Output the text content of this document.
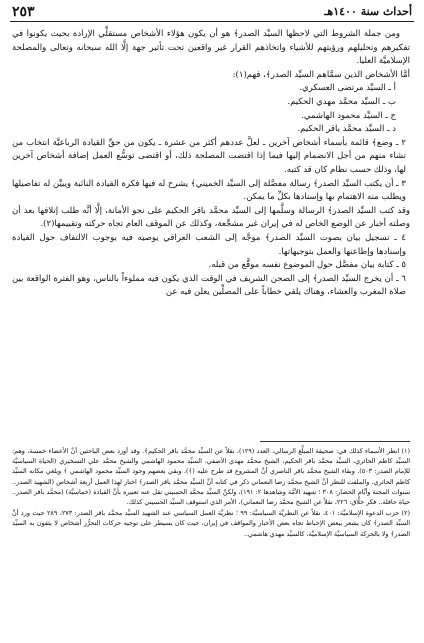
٢٥٣	أحداث سنة ١٤٠٠هـ

ومن جملة الشروط التي لاحظها السيِّد الصدر﴾ هو أن يكون هؤلاء الأشخاص مستقلِّي الإرادة بحيث يكونوا في تفكيرهم وتحليلهم ورؤيتهم للأشياء واتخاذهم القرار غير واقعين تحت تأثير جهة إلَّا الله سبحانه وتعالى والمصلحة الإسلاميَّة العليا.

أمَّا الأشخاص الذين سمَّاهم السيِّد الصدر﴾، فهم(١):

أ ـ السيِّد مرتضى العسكري.

ب ـ السيِّد محمَّد مهدي الحكيم.

ج ـ السيِّد محمود الهاشمي.

د ـ السيِّد محمَّد باقر الحكيم.

٢ ـ وضع﴾ قائمة بأسماء أشخاص آخرين ـ لعلَّ عددهم أكثر من عشرة ـ يكون من حقِّ القيادة الرباعيَّة انتخاب من تشاء منهم من أجل الانضمام إليها فيما إذا اقتضت المصلحة ذلك، أو اقتضى توسُّع العمل إضافة أشخاص آخرين لها، وذلك حسب نظام كان قد كتبه.

٣ ـ أن يكتب السيِّد الصدر﴾ رسالة مفصَّلة إلى السيِّد الخميني﴾ يشرح له فيها فكرة القيادة النائبة ويبيِّن له تفاصيلها ويطلب منه الاهتمام بها وإسنادها بكلِّ ما يمكن.

وقد كتب السيِّد الصدر﴾ الرسالة وسلَّمها إلى السيِّد محمَّد باقر الحكيم على نحو الأمانة، إلَّا أنَّه طلب إتلافها بعد أن وصلته أخبار عن الوضع الخاص له في إيران غير مشجِّعة، وكذلك عن الموقف العام تجاه حركته وتقييمها(٢).

٤ ـ تسجيل بيان بصوت السيِّد الصدر﴾ موجَّه إلى الشعب العراقي يوصيه فيه بوجوب الالتفاف حول القيادة وإسنادها وإطاعتها والعمل بتوجيهاتها.

٥ ـ كتابة بيان مفصَّل حول الموضوع نفسه موقَّع من قبله.

٦ ـ أن يخرج السيِّد الصدر﴾ إلى الصحن الشريف في الوقت الذي يكون فيه مملوءاً بالناس، وهو الفترة الواقعة بين صلاة المغرب والعشاء، وهناك يلقي خطاباً على المصلِّين يعلن فيه عن

(١) انظر الأسماء كذلك في: صحيفة المبلِّغ الرسالي، العدد (١٢٩)، نقلاً عن السيِّد محمَّد باقر الحكيم﴾. وقد أورد بعض الباحثين أنَّ الأعضاء خمسة، وهم: السيِّد كاظم الحائري، السيِّد محمَّد باقر الحكيم، الشيخ محمَّد مهدي الآصفي، السيِّد محمود الهاشمي والشيخ محمَّد علي التسخيري (الحياة السياسيَّة للإمام الصدر: ٥٠٣). وبقاء الشيخ محمَّد باقر الناصري أنَّ المشروع قد طرح عليه (﴾)، وبقي بعضهم وجود السيِّد محمود الهاشمي ﴾ ويلغي مكانه السيِّد كاظم الحائري. والملفت للنظر أنَّ الشيخ محمَّد رضا النعماني ذكر في كتابه أنَّ السيِّد محمَّد باقر الصدر﴾ اختار لهذا العمل أربعة أشخاص (الشهيد الصدر.. سنوات المحنة وأيَّام الحصار: ٣٠٨ ؛ شهيد الأمَّة وشاهدها ٢: ١٩١)، ولكنَّ السيِّد محمَّد الحسيني نقل عنه تعبيره بأنَّ القيادة (خماسيَّة) (محمَّد باقر الصدر.. حياة حافلة.. فكر خلَّاق: ٢٢٦، نقلاً عن الشيخ محمَّد رضا النعماني)، الأمر الذي استوقف السيِّد الحسيني كذلك.

(٢) حزب الدعوة الإسلاميَّة: ٤٠١، نقلاً عن النظريَّة السياسيَّة: ٩٩ ؛ نظريَّة العمل السياسي عند الشهيد السيِّد محمَّد باقر الصدر: ٢٧٣، ٢٨٩ حيث ورد أنَّ السيِّد الصدر﴾ كان يشعر ببعض الإحباط تجاه بعض الأخبار والمواقف في إيران، حيث كان يسيطر على توجيه حركات التحرُّر أشخاص لا يثقون به السيِّد الصدر﴾ ولا بالحركة السياسيَّة الإسلاميَّة، كالسيِّد مهدي هاشمي..
